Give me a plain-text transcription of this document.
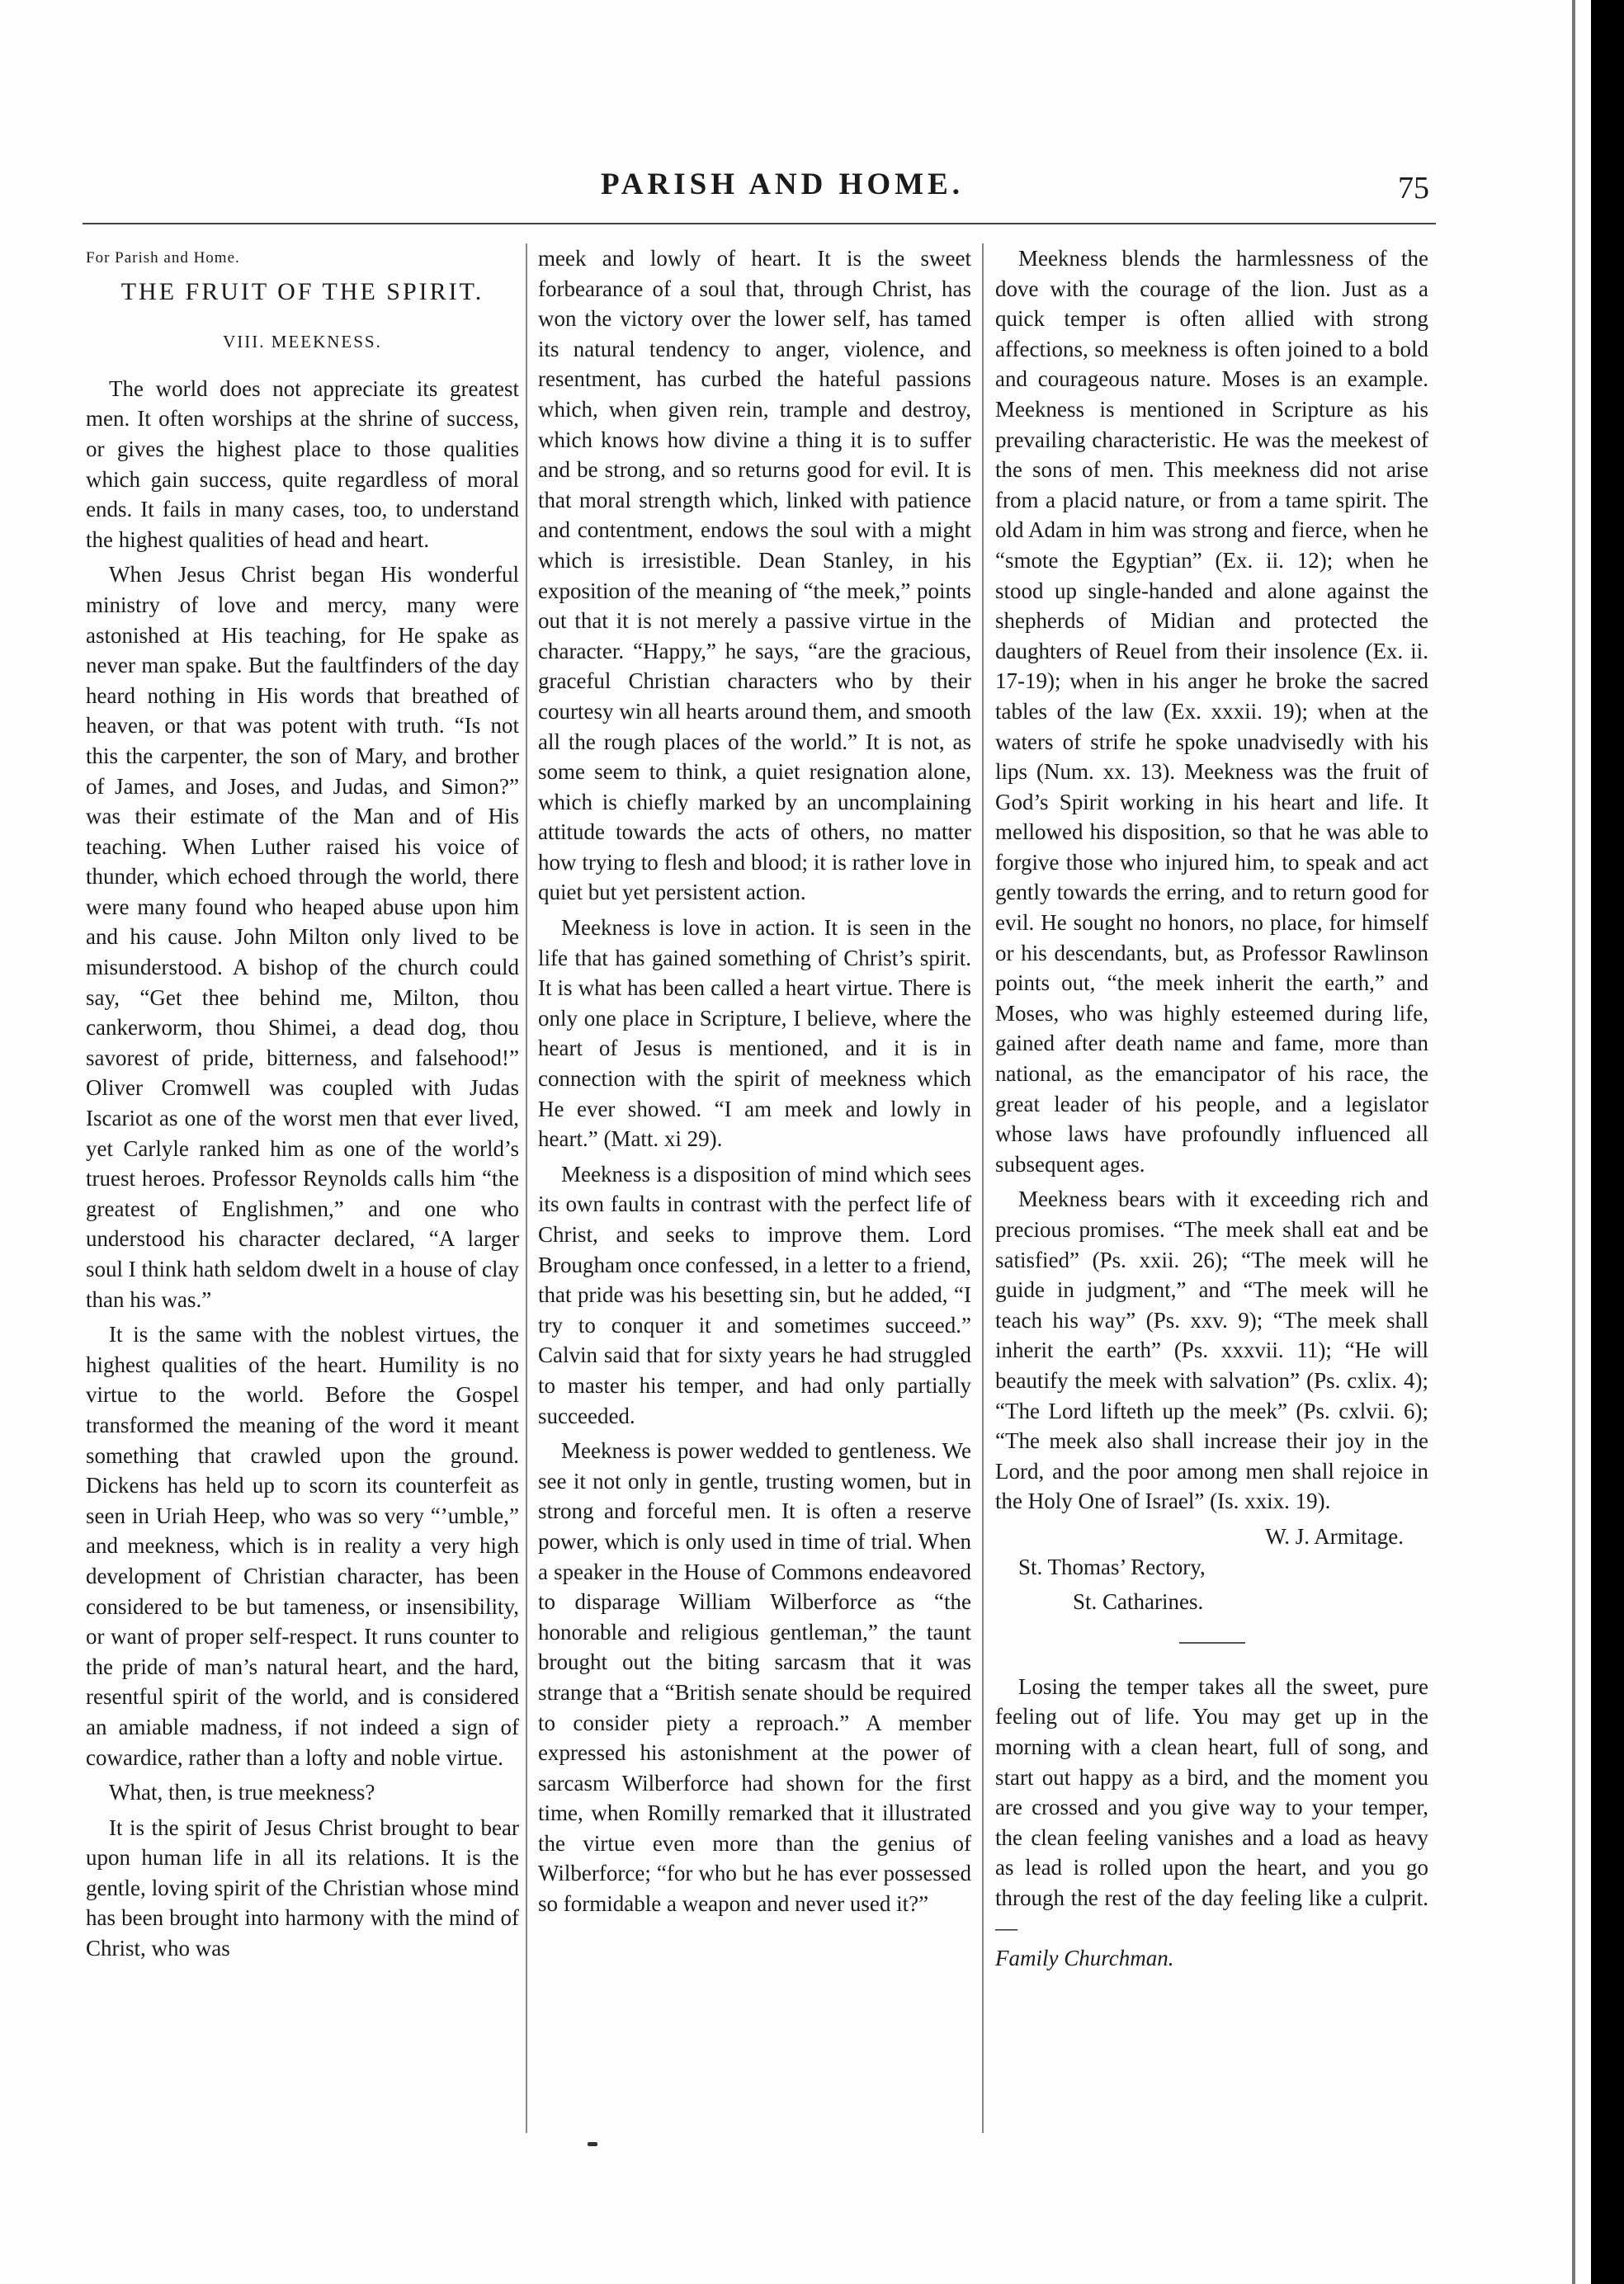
PARISH AND HOME.	75
For Parish and Home.
THE FRUIT OF THE SPIRIT.
VIII. MEEKNESS.

The world does not appreciate its greatest men. It often worships at the shrine of success, or gives the highest place to those qualities which gain success, quite regardless of moral ends. It fails in many cases, too, to understand the highest qualities of head and heart.

When Jesus Christ began His wonderful ministry of love and mercy, many were astonished at His teaching, for He spake as never man spake. But the faultfinders of the day heard nothing in His words that breathed of heaven, or that was potent with truth. “Is not this the carpenter, the son of Mary, and brother of James, and Joses, and Judas, and Simon?” was their estimate of the Man and of His teaching. When Luther raised his voice of thunder, which echoed through the world, there were many found who heaped abuse upon him and his cause. John Milton only lived to be misunderstood. A bishop of the church could say, “Get thee behind me, Milton, thou cankerworm, thou Shimei, a dead dog, thou savorest of pride, bitterness, and falsehood!” Oliver Cromwell was coupled with Judas Iscariot as one of the worst men that ever lived, yet Carlyle ranked him as one of the world’s truest heroes. Professor Reynolds calls him “the greatest of Englishmen,” and one who understood his character declared, “A larger soul I think hath seldom dwelt in a house of clay than his was.”

It is the same with the noblest virtues, the highest qualities of the heart. Humility is no virtue to the world. Before the Gospel transformed the meaning of the word it meant something that crawled upon the ground. Dickens has held up to scorn its counterfeit as seen in Uriah Heep, who was so very “’umble,” and meekness, which is in reality a very high development of Christian character, has been considered to be but tameness, or insensibility, or want of proper self-respect. It runs counter to the pride of man’s natural heart, and the hard, resentful spirit of the world, and is considered an amiable madness, if not indeed a sign of cowardice, rather than a lofty and noble virtue.

What, then, is true meekness?

It is the spirit of Jesus Christ brought to bear upon human life in all its relations. It is the gentle, loving spirit of the Christian whose mind has been brought into harmony with the mind of Christ, who was

meek and lowly of heart. It is the sweet forbearance of a soul that, through Christ, has won the victory over the lower self, has tamed its natural tendency to anger, violence, and resentment, has curbed the hateful passions which, when given rein, trample and destroy, which knows how divine a thing it is to suffer and be strong, and so returns good for evil. It is that moral strength which, linked with patience and contentment, endows the soul with a might which is irresistible. Dean Stanley, in his exposition of the meaning of “the meek,” points out that it is not merely a passive virtue in the character. “Happy,” he says, “are the gracious, graceful Christian characters who by their courtesy win all hearts around them, and smooth all the rough places of the world.” It is not, as some seem to think, a quiet resignation alone, which is chiefly marked by an uncomplaining attitude towards the acts of others, no matter how trying to flesh and blood; it is rather love in quiet but yet persistent action.

Meekness is love in action. It is seen in the life that has gained something of Christ’s spirit. It is what has been called a heart virtue. There is only one place in Scripture, I believe, where the heart of Jesus is mentioned, and it is in connection with the spirit of meekness which He ever showed. “I am meek and lowly in heart.” (Matt. xi 29).

Meekness is a disposition of mind which sees its own faults in contrast with the perfect life of Christ, and seeks to improve them. Lord Brougham once confessed, in a letter to a friend, that pride was his besetting sin, but he added, “I try to conquer it and sometimes succeed.” Calvin said that for sixty years he had struggled to master his temper, and had only partially succeeded.

Meekness is power wedded to gentleness. We see it not only in gentle, trusting women, but in strong and forceful men. It is often a reserve power, which is only used in time of trial. When a speaker in the House of Commons endeavored to disparage William Wilberforce as “the honorable and religious gentleman,” the taunt brought out the biting sarcasm that it was strange that a “British senate should be required to consider piety a reproach.” A member expressed his astonishment at the power of sarcasm Wilberforce had shown for the first time, when Romilly remarked that it illustrated the virtue even more than the genius of Wilberforce; “for who but he has ever possessed so formidable a weapon and never used it?”

Meekness blends the harmlessness of the dove with the courage of the lion. Just as a quick temper is often allied with strong affections, so meekness is often joined to a bold and courageous nature. Moses is an example. Meekness is mentioned in Scripture as his prevailing characteristic. He was the meekest of the sons of men. This meekness did not arise from a placid nature, or from a tame spirit. The old Adam in him was strong and fierce, when he “smote the Egyptian” (Ex. ii. 12); when he stood up single-handed and alone against the shepherds of Midian and protected the daughters of Reuel from their insolence (Ex. ii. 17-19); when in his anger he broke the sacred tables of the law (Ex. xxxii. 19); when at the waters of strife he spoke unadvisedly with his lips (Num. xx. 13). Meekness was the fruit of God’s Spirit working in his heart and life. It mellowed his disposition, so that he was able to forgive those who injured him, to speak and act gently towards the erring, and to return good for evil. He sought no honors, no place, for himself or his descendants, but, as Professor Rawlinson points out, “the meek inherit the earth,” and Moses, who was highly esteemed during life, gained after death name and fame, more than national, as the emancipator of his race, the great leader of his people, and a legislator whose laws have profoundly influenced all subsequent ages.

Meekness bears with it exceeding rich and precious promises. “The meek shall eat and be satisfied” (Ps. xxii. 26); “The meek will he guide in judgment,” and “The meek will he teach his way” (Ps. xxv. 9); “The meek shall inherit the earth” (Ps. xxxvii. 11); “He will beautify the meek with salvation” (Ps. cxlix. 4); “The Lord lifteth up the meek” (Ps. cxlvii. 6); “The meek also shall increase their joy in the Lord, and the poor among men shall rejoice in the Holy One of Israel” (Is. xxix. 19).

W. J. Armitage.

St. Thomas’ Rectory,

St. Catharines.

Losing the temper takes all the sweet, pure feeling out of life. You may get up in the morning with a clean heart, full of song, and start out happy as a bird, and the moment you are crossed and you give way to your temper, the clean feeling vanishes and a load as heavy as lead is rolled upon the heart, and you go through the rest of the day feeling like a culprit.—
Family Churchman.
